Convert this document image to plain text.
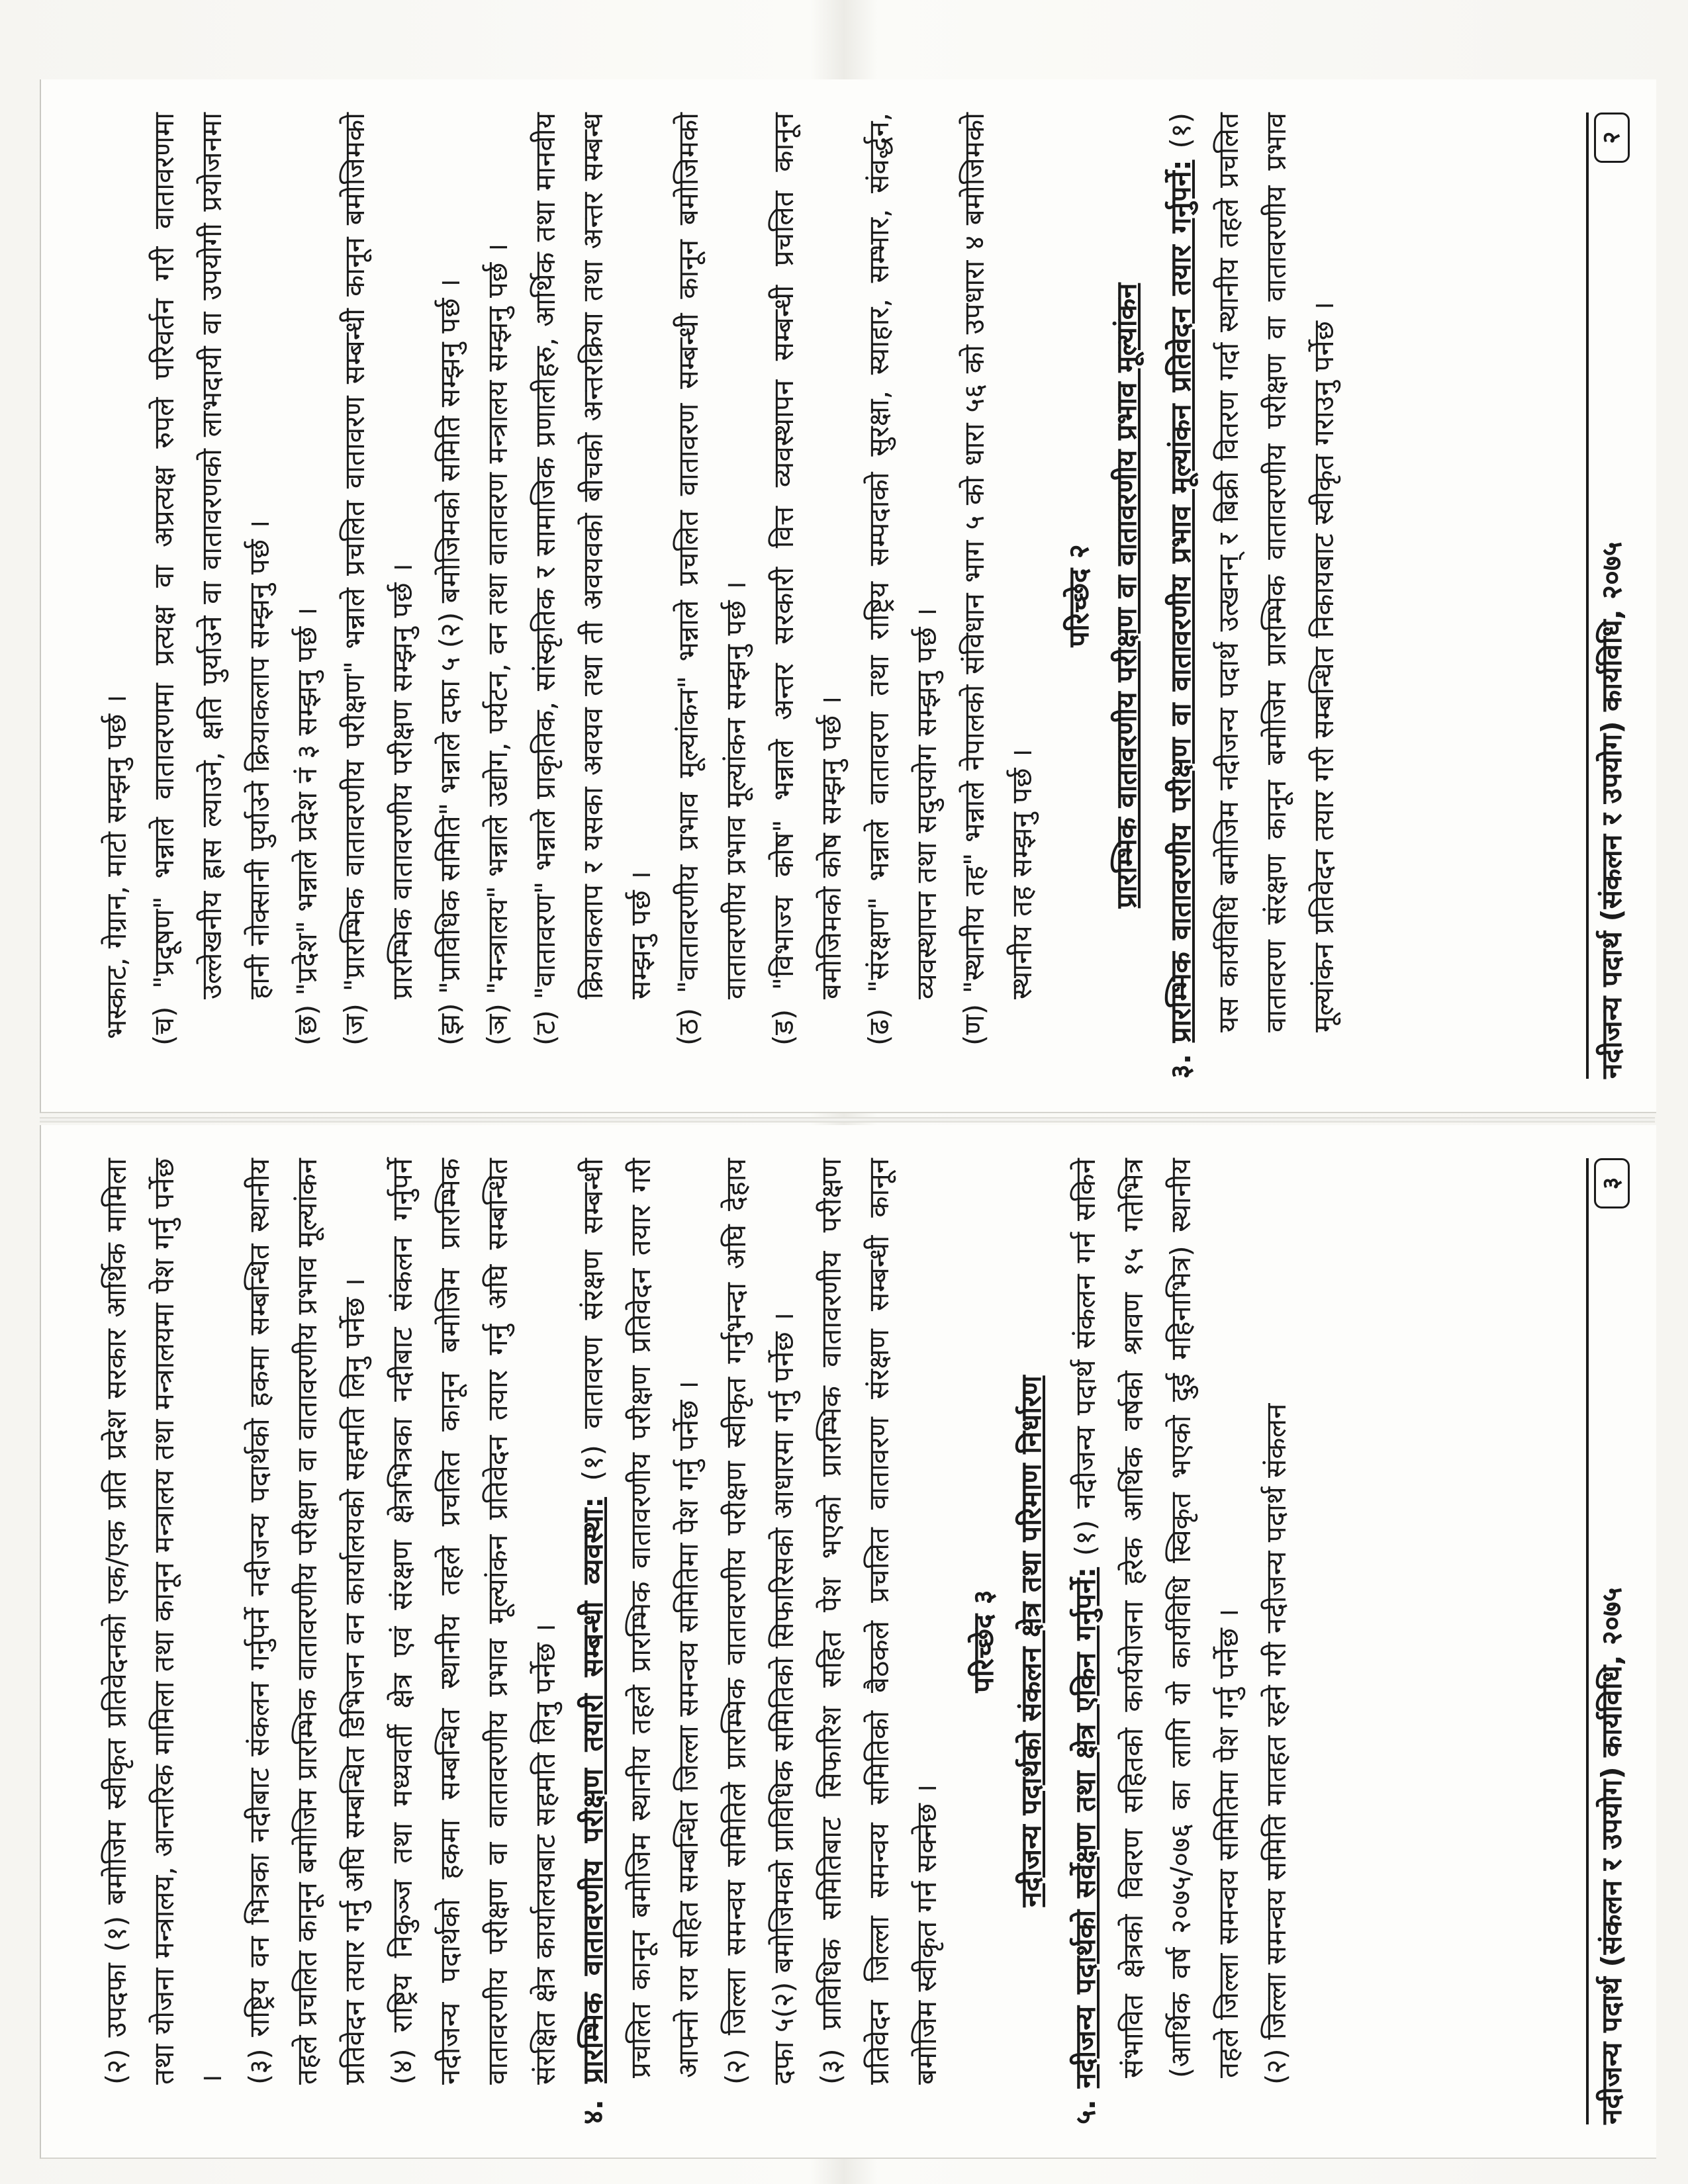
भस्काट, गेग्रान, माटो सम्झनु पर्छ । (च) "प्रदूषण" भन्नाले वातावरणमा प्रत्यक्ष वा अप्रत्यक्ष रुपले परिवर्तन गरी वातावरणमा उल्लेखनीय ह्रास ल्याउने, क्षति पुर्याउने वा वातावरणको लाभदायी वा उपयोगी प्रयोजनमा हानी नोक्सानी पुर्याउने क्रियाकलाप सम्झनु पर्छ । (छ) "प्रदेश" भन्नाले प्रदेश नं ३ सम्झनु पर्छ । (ज) "प्रारम्भिक वातावरणीय परीक्षण" भन्नाले प्रचलित वातावरण सम्बन्धी कानून बमोजिमको प्रारम्भिक वातावरणीय परीक्षण सम्झनु पर्छ । (झ) "प्राविधिक समिति" भन्नाले दफा ५ (२) बमोजिमको समिति सम्झनु पर्छ । (ञ) "मन्त्रालय" भन्नाले उद्योग, पर्यटन, वन तथा वातावरण मन्त्रालय सम्झनु पर्छ । (ट) "वातावरण" भन्नाले प्राकृतिक, सांस्कृतिक र सामाजिक प्रणालीहरु, आर्थिक तथा मानवीय क्रियाकलाप र यसका अवयव तथा ती अवयवको बीचको अन्तरक्रिया तथा अन्तर सम्बन्ध सम्झनु पर्छ । (ठ) "वातावरणीय प्रभाव मूल्यांकन" भन्नाले प्रचलित वातावरण सम्बन्धी कानून बमोजिमको वातावरणीय प्रभाव मूल्यांकन सम्झनु पर्छ । (ड) "विभाज्य कोष" भन्नाले अन्तर सरकारी वित्त व्यवस्थापन सम्बन्धी प्रचलित कानून बमोजिमको कोष सम्झनु पर्छ । (ढ) "संरक्षण" भन्नाले वातावरण तथा राष्ट्रिय सम्पदाको सुरक्षा, स्याहार, सम्भार, संवर्द्धन, व्यवस्थापन तथा सदुपयोग सम्झनु पर्छ । (ण) "स्थानीय तह" भन्नाले नेपालको संविधान भाग ५ को धारा ५६ को उपधारा ४ बमोजिमको स्थानीय तह सम्झनु पर्छ ।

परिच्छेद २ प्रारम्भिक वातावरणीय परीक्षण वा वातावरणीय प्रभाव मूल्यांकन

३. प्रारम्भिक वातावरणीय परीक्षण वा वातावरणीय प्रभाव मूल्यांकन प्रतिवेदन तयार गर्नुपर्ने: (१) यस कार्यविधि बमोजिम नदीजन्य पदार्थ उत्खनन् र बिक्री वितरण गर्दा स्थानीय तहले प्रचलित वातावरण संरक्षण कानून बमोजिम प्रारम्भिक वातावरणीय परीक्षण वा वातावरणीय प्रभाव मूल्यांकन प्रतिवेदन तयार गरी सम्बन्धित निकायबाट स्वीकृत गराउनु पर्नेछ ।	नदीजन्य पदार्थ (संकलन र उपयोग) कार्यविधि, २०७५
२

(२) उपदफा (१) बमोजिम स्वीकृत प्रतिवेदनको एक/एक प्रति प्रदेश सरकार आर्थिक मामिला तथा योजना मन्त्रालय, आन्तरिक मामिला तथा कानून मन्त्रालय तथा मन्त्रालयमा पेश गर्नु पर्नेछ । (३) राष्ट्रिय वन भित्रका नदीबाट संकलन गर्नुपर्ने नदीजन्य पदार्थको हकमा सम्बन्धित स्थानीय तहले प्रचलित कानून बमोजिम प्रारम्भिक वातावरणीय परीक्षण वा वातावरणीय प्रभाव मूल्यांकन प्रतिवेदन तयार गर्नु अघि सम्बन्धित डिभिजन वन कार्यालयको सहमति लिनु पर्नेछ । (४) राष्ट्रिय निकुञ्ज तथा मध्यवर्ती क्षेत्र एवं संरक्षण क्षेत्रभित्रका नदीबाट संकलन गर्नुपर्ने नदीजन्य पदार्थको हकमा सम्बन्धित स्थानीय तहले प्रचलित कानून बमोजिम प्रारम्भिक वातावरणीय परीक्षण वा वातावरणीय प्रभाव मूल्यांकन प्रतिवेदन तयार गर्नु अघि सम्बन्धित संरक्षित क्षेत्र कार्यालयबाट सहमति लिनु पर्नेछ ।

४. प्रारम्भिक वातावरणीय परीक्षण तयारी सम्बन्धी व्यवस्था: (१) वातावरण संरक्षण सम्बन्धी प्रचलित कानून बमोजिम स्थानीय तहले प्रारम्भिक वातावरणीय परीक्षण प्रतिवेदन तयार गरी आफ्नो राय सहित सम्बन्धित जिल्ला समन्वय समितिमा पेश गर्नु पर्नेछ । (२) जिल्ला समन्वय समितिले प्रारम्भिक वातावरणीय परीक्षण स्वीकृत गर्नुभन्दा अघि देहाय दफा ५(२) बमोजिमको प्राविधिक समितिको सिफारिसको आधारमा गर्नु पर्नेछ । (३) प्राविधिक समितिबाट सिफारिश सहित पेश भएको प्रारम्भिक वातावरणीय परीक्षण प्रतिवेदन जिल्ला समन्वय समितिको बैठकले प्रचलित वातावरण संरक्षण सम्बन्धी कानून बमोजिम स्वीकृत गर्न सक्नेछ ।

परिच्छेद ३ नदीजन्य पदार्थको संकलन क्षेत्र तथा परिमाण निर्धारण

५. नदीजन्य पदार्थको सर्वेक्षण तथा क्षेत्र एकिन गर्नुपर्ने: (१) नदीजन्य पदार्थ संकलन गर्न सकिने संभावित क्षेत्रको विवरण सहितको कार्ययोजना हरेक आर्थिक वर्षको श्रावण १५ गतेभित्र (आर्थिक वर्ष २०७५/०७६ का लागि यो कार्यविधि स्विकृत भएको दुई महिनाभित्र) स्थानीय तहले जिल्ला समन्वय समितिमा पेश गर्नु पर्नेछ । (२) जिल्ला समन्वय समिति मातहत रहने गरी नदीजन्य पदार्थ संकलन	नदीजन्य पदार्थ (संकलन र उपयोग) कार्यविधि, २०७५
३
